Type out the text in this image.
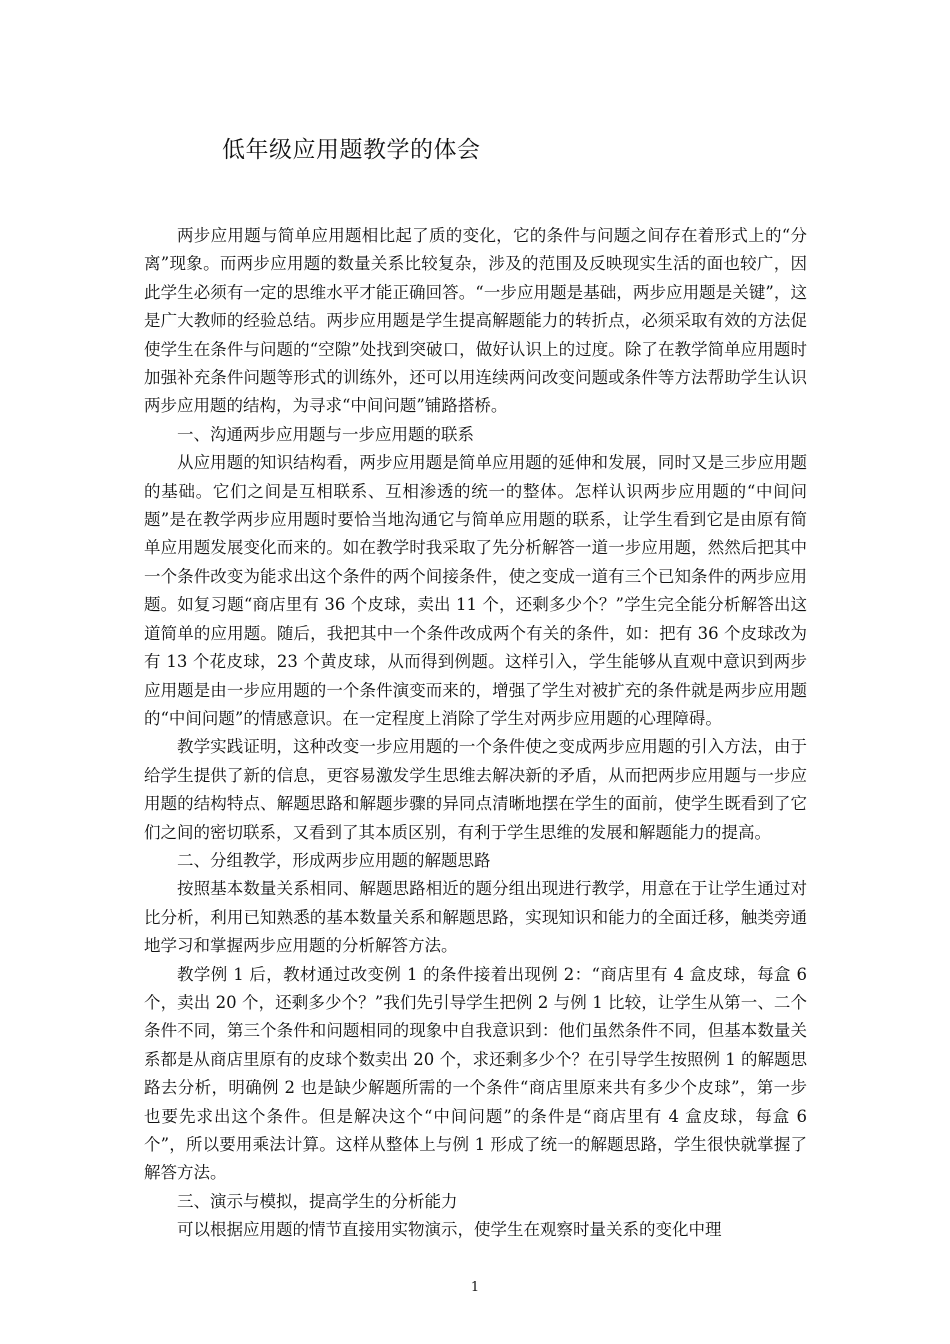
低年级应用题教学的体会

两步应用题与简单应用题相比起了质的变化，它的条件与问题之间存在着形式上的“分离”现象。而两步应用题的数量关系比较复杂，涉及的范围及反映现实生活的面也较广，因此学生必须有一定的思维水平才能正确回答。“一步应用题是基础，两步应用题是关键”，这是广大教师的经验总结。两步应用题是学生提高解题能力的转折点，必须采取有效的方法促使学生在条件与问题的“空隙”处找到突破口，做好认识上的过度。除了在教学简单应用题时加强补充条件问题等形式的训练外，还可以用连续两问改变问题或条件等方法帮助学生认识两步应用题的结构，为寻求“中间问题”铺路搭桥。

一、沟通两步应用题与一步应用题的联系

从应用题的知识结构看，两步应用题是简单应用题的延伸和发展，同时又是三步应用题的基础。它们之间是互相联系、互相渗透的统一的整体。怎样认识两步应用题的“中间问题”是在教学两步应用题时要恰当地沟通它与简单应用题的联系，让学生看到它是由原有简单应用题发展变化而来的。如在教学时我采取了先分析解答一道一步应用题，然然后把其中一个条件改变为能求出这个条件的两个间接条件，使之变成一道有三个已知条件的两步应用题。如复习题“商店里有 36 个皮球，卖出 11 个，还剩多少个？”学生完全能分析解答出这道简单的应用题。随后，我把其中一个条件改成两个有关的条件，如：把有 36 个皮球改为有 13 个花皮球，23 个黄皮球，从而得到例题。这样引入，学生能够从直观中意识到两步应用题是由一步应用题的一个条件演变而来的，增强了学生对被扩充的条件就是两步应用题的“中间问题”的情感意识。在一定程度上消除了学生对两步应用题的心理障碍。

教学实践证明，这种改变一步应用题的一个条件使之变成两步应用题的引入方法，由于给学生提供了新的信息，更容易激发学生思维去解决新的矛盾，从而把两步应用题与一步应用题的结构特点、解题思路和解题步骤的异同点清晰地摆在学生的面前，使学生既看到了它们之间的密切联系，又看到了其本质区别，有利于学生思维的发展和解题能力的提高。

二、分组教学，形成两步应用题的解题思路

按照基本数量关系相同、解题思路相近的题分组出现进行教学，用意在于让学生通过对比分析，利用已知熟悉的基本数量关系和解题思路，实现知识和能力的全面迁移，触类旁通地学习和掌握两步应用题的分析解答方法。

教学例 1 后，教材通过改变例 1 的条件接着出现例 2：“商店里有 4 盒皮球，每盒 6 个，卖出 20 个，还剩多少个？”我们先引导学生把例 2 与例 1 比较，让学生从第一、二个条件不同，第三个条件和问题相同的现象中自我意识到：他们虽然条件不同，但基本数量关系都是从商店里原有的皮球个数卖出 20 个，求还剩多少个？在引导学生按照例 1 的解题思路去分析，明确例 2 也是缺少解题所需的一个条件“商店里原来共有多少个皮球”，第一步也要先求出这个条件。但是解决这个“中间问题”的条件是“商店里有 4 盒皮球，每盒 6 个”，所以要用乘法计算。这样从整体上与例 1 形成了统一的解题思路，学生很快就掌握了解答方法。

三、演示与模拟，提高学生的分析能力

可以根据应用题的情节直接用实物演示，使学生在观察时量关系的变化中理

1
